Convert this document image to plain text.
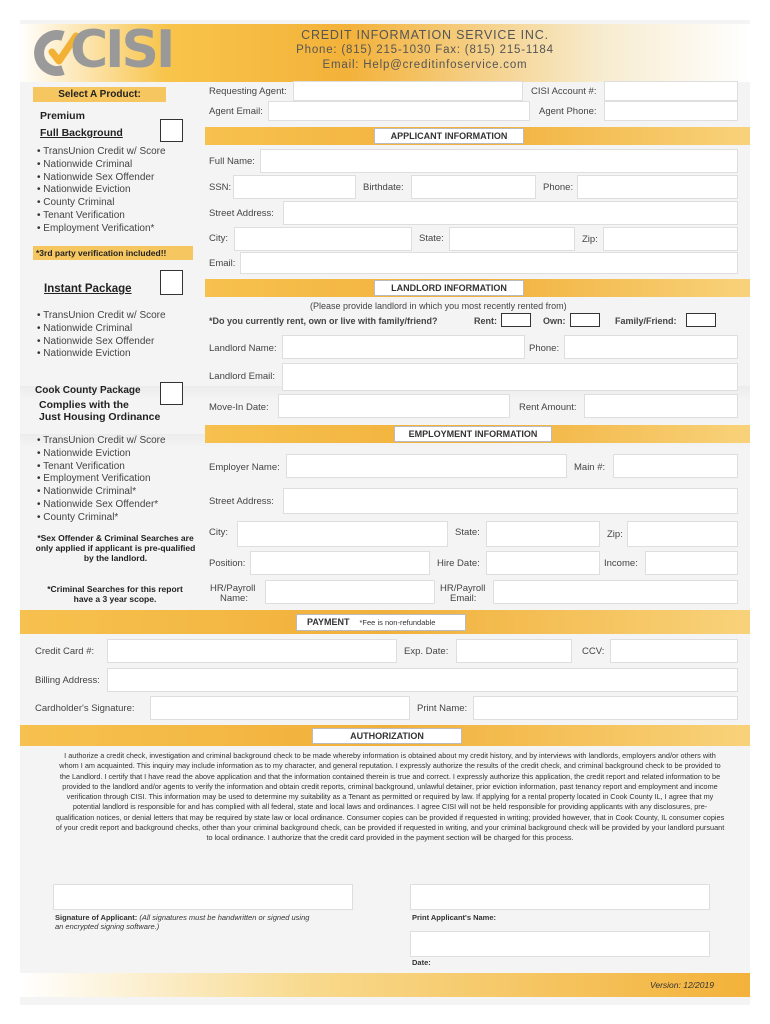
CISI	CREDIT INFORMATION SERVICE INC.
Phone: (815) 215-1030 Fax: (815) 215-1184
Email: Help@creditinfoservice.com
Select A Product:
Premium
Full Background
• TransUnion Credit w/ Score
• Nationwide Criminal
• Nationwide Sex Offender
• Nationwide Eviction
• County Criminal
• Tenant Verification
• Employment Verification*
*3rd party verification included!!
Instant Package
• TransUnion Credit w/ Score
• Nationwide Criminal
• Nationwide Sex Offender
• Nationwide Eviction
Cook County Package
Complies with the
Just Housing Ordinance
• TransUnion Credit w/ Score
• Nationwide Eviction
• Tenant Verification
• Employment Verification
• Nationwide Criminal*
• Nationwide Sex Offender*
• County Criminal*
*Sex Offender & Criminal Searches are only applied if applicant is pre-qualified by the landlord.
*Criminal Searches for this report have a 3 year scope.
Requesting Agent:	CISI Account #:
Agent Email:	Agent Phone:
APPLICANT INFORMATION
Full Name:
SSN:	Birthdate:	Phone:
Street Address:
City:	State:	Zip:
Email:
LANDLORD INFORMATION
(Please provide landlord in which you most recently rented from)
*Do you currently rent, own or live with family/friend?	Rent:	Own:	Family/Friend:
Landlord Name:	Phone:
Landlord Email:
Move-In Date:	Rent Amount:
EMPLOYMENT INFORMATION
Employer Name:	Main #:
Street Address:
City:	State:	Zip:
Position:	Hire Date:	Income:
HR/Payroll
Name:
HR/Payroll
Email:
PAYMENT *Fee is non-refundable
Credit Card #:	Exp. Date:	CCV:
Billing Address:
Cardholder's Signature:	Print Name:
AUTHORIZATION
I authorize a credit check, investigation and criminal background check to be made whereby information is obtained about my credit history, and by interviews with landlords, employers and/or others with whom I am acquainted. This inquiry may include information as to my character, and general reputation. I expressly authorize the results of the credit check, and criminal background check to be provided to the Landlord. I certify that I have read the above application and that the information contained therein is true and correct. I expressly authorize this application, the credit report and related information to be provided to the landlord and/or agents to verify the information and obtain credit reports, criminal background, unlawful detainer, prior eviction information, past tenancy report and employment and income verification through CISI. This information may be used to determine my suitability as a Tenant as permitted or required by law. If applying for a rental property located in Cook County IL, I agree that my potential landlord is responsible for and has complied with all federal, state and local laws and ordinances. I agree CISI will not be held responsible for providing applicants with any disclosures, pre-qualification notices, or denial letters that may be required by state law or local ordinance. Consumer copies can be provided if requested in writing; provided however, that in Cook County, IL consumer copies of your credit report and background checks, other than your criminal background check, can be provided if requested in writing, and your criminal background check will be provided by your landlord pursuant to local ordinance. I authorize that the credit card provided in the payment section will be charged for this process.
Signature of Applicant: (All signatures must be handwritten or signed using an encrypted signing software.)
Print Applicant's Name:
Date:
Version: 12/2019
